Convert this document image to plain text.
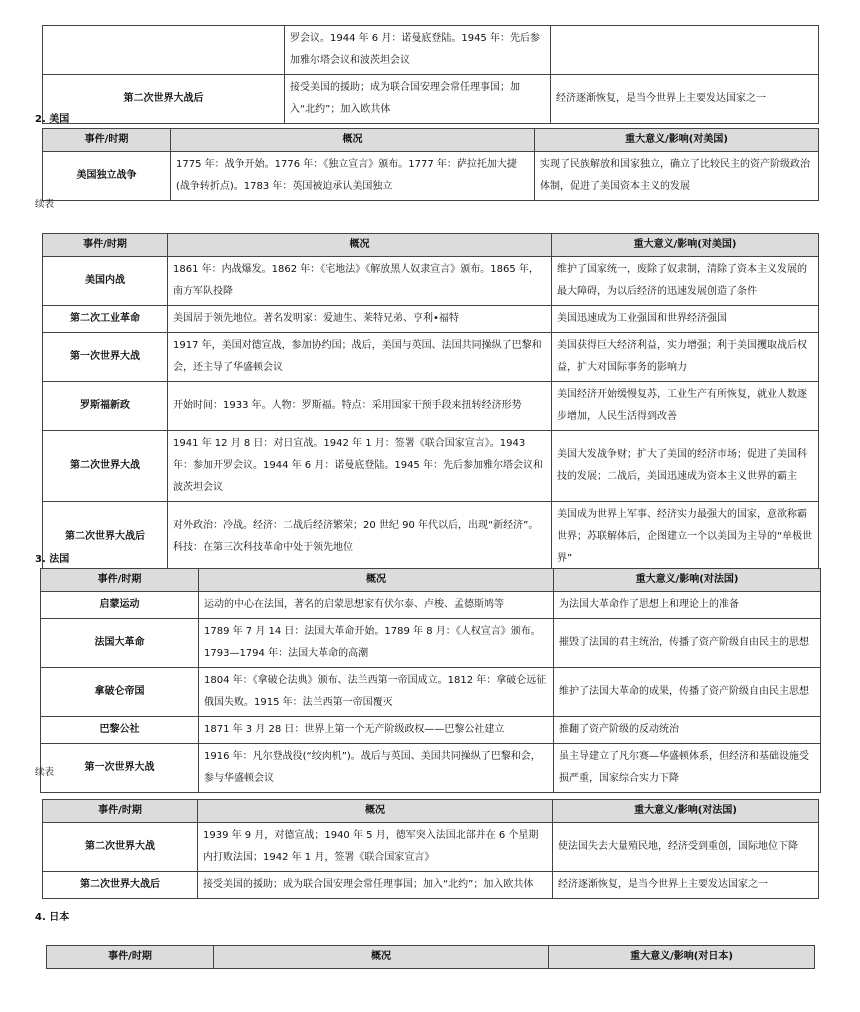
	罗会议。1944 年 6 月：诺曼底登陆。1945 年：先后参加雅尔塔会议和波茨坦会议	
第二次世界大战后	接受美国的援助；成为联合国安理会常任理事国；加入“北约”；加入欧共体	经济逐渐恢复，是当今世界上主要发达国家之一
2. 美国
事件/时期	概况	重大意义/影响(对美国)
美国独立战争	1775 年：战争开始。1776 年：《独立宣言》颁布。1777 年：萨拉托加大捷(战争转折点)。1783 年：英国被迫承认美国独立	实现了民族解放和国家独立，确立了比较民主的资产阶级政治体制，促进了美国资本主义的发展
续表
事件/时期	概况	重大意义/影响(对美国)
美国内战	1861 年：内战爆发。1862 年：《宅地法》《解放黑人奴隶宣言》颁布。1865 年，南方军队投降	维护了国家统一，废除了奴隶制，清除了资本主义发展的最大障碍，为以后经济的迅速发展创造了条件
第二次工业革命	美国居于领先地位。著名发明家：爱迪生、莱特兄弟、亨利•福特	美国迅速成为工业强国和世界经济强国
第一次世界大战	1917 年，美国对德宣战，参加协约国；战后，美国与英国、法国共同操纵了巴黎和会，还主导了华盛顿会议	美国获得巨大经济利益，实力增强；利于美国攫取战后权益，扩大对国际事务的影响力
罗斯福新政	开始时间：1933 年。人物：罗斯福。特点：采用国家干预手段来扭转经济形势	美国经济开始缓慢复苏，工业生产有所恢复，就业人数逐步增加，人民生活得到改善
第二次世界大战	1941 年 12 月 8 日：对日宣战。1942 年 1 月：签署《联合国家宣言》。1943 年：参加开罗会议。1944 年 6 月：诺曼底登陆。1945 年：先后参加雅尔塔会议和波茨坦会议	美国大发战争财；扩大了美国的经济市场；促进了美国科技的发展；二战后，美国迅速成为资本主义世界的霸主
第二次世界大战后	对外政治：冷战。经济：二战后经济繁荣；20 世纪 90 年代以后，出现“新经济”。科技：在第三次科技革命中处于领先地位	美国成为世界上军事、经济实力最强大的国家，意欲称霸世界；苏联解体后，企图建立一个以美国为主导的“单极世界”
3. 法国
事件/时期	概况	重大意义/影响(对法国)
启蒙运动	运动的中心在法国，著名的启蒙思想家有伏尔泰、卢梭、孟德斯鸠等	为法国大革命作了思想上和理论上的准备
法国大革命	1789 年 7 月 14 日：法国大革命开始。1789 年 8 月：《人权宣言》颁布。1793—1794 年：法国大革命的高潮	摧毁了法国的君主统治，传播了资产阶级自由民主的思想
拿破仑帝国	1804 年：《拿破仑法典》颁布、法兰西第一帝国成立。1812 年：拿破仑远征俄国失败。1915 年：法兰西第一帝国覆灭	维护了法国大革命的成果，传播了资产阶级自由民主思想
巴黎公社	1871 年 3 月 28 日：世界上第一个无产阶级政权——巴黎公社建立	推翻了资产阶级的反动统治
第一次世界大战	1916 年：凡尔登战役(“绞肉机”)。战后与英国、美国共同操纵了巴黎和会，参与华盛顿会议	虽主导建立了凡尔赛—华盛顿体系，但经济和基础设施受损严重，国家综合实力下降
续表
事件/时期	概况	重大意义/影响(对法国)
第二次世界大战	1939 年 9 月，对德宣战；1940 年 5 月，德军突入法国北部并在 6 个星期内打败法国；1942 年 1 月，签署《联合国家宣言》	使法国失去大量殖民地，经济受到重创，国际地位下降
第二次世界大战后	接受美国的援助；成为联合国安理会常任理事国；加入“北约”；加入欧共体	经济逐渐恢复，是当今世界上主要发达国家之一
4. 日本
事件/时期	概况	重大意义/影响(对日本)
